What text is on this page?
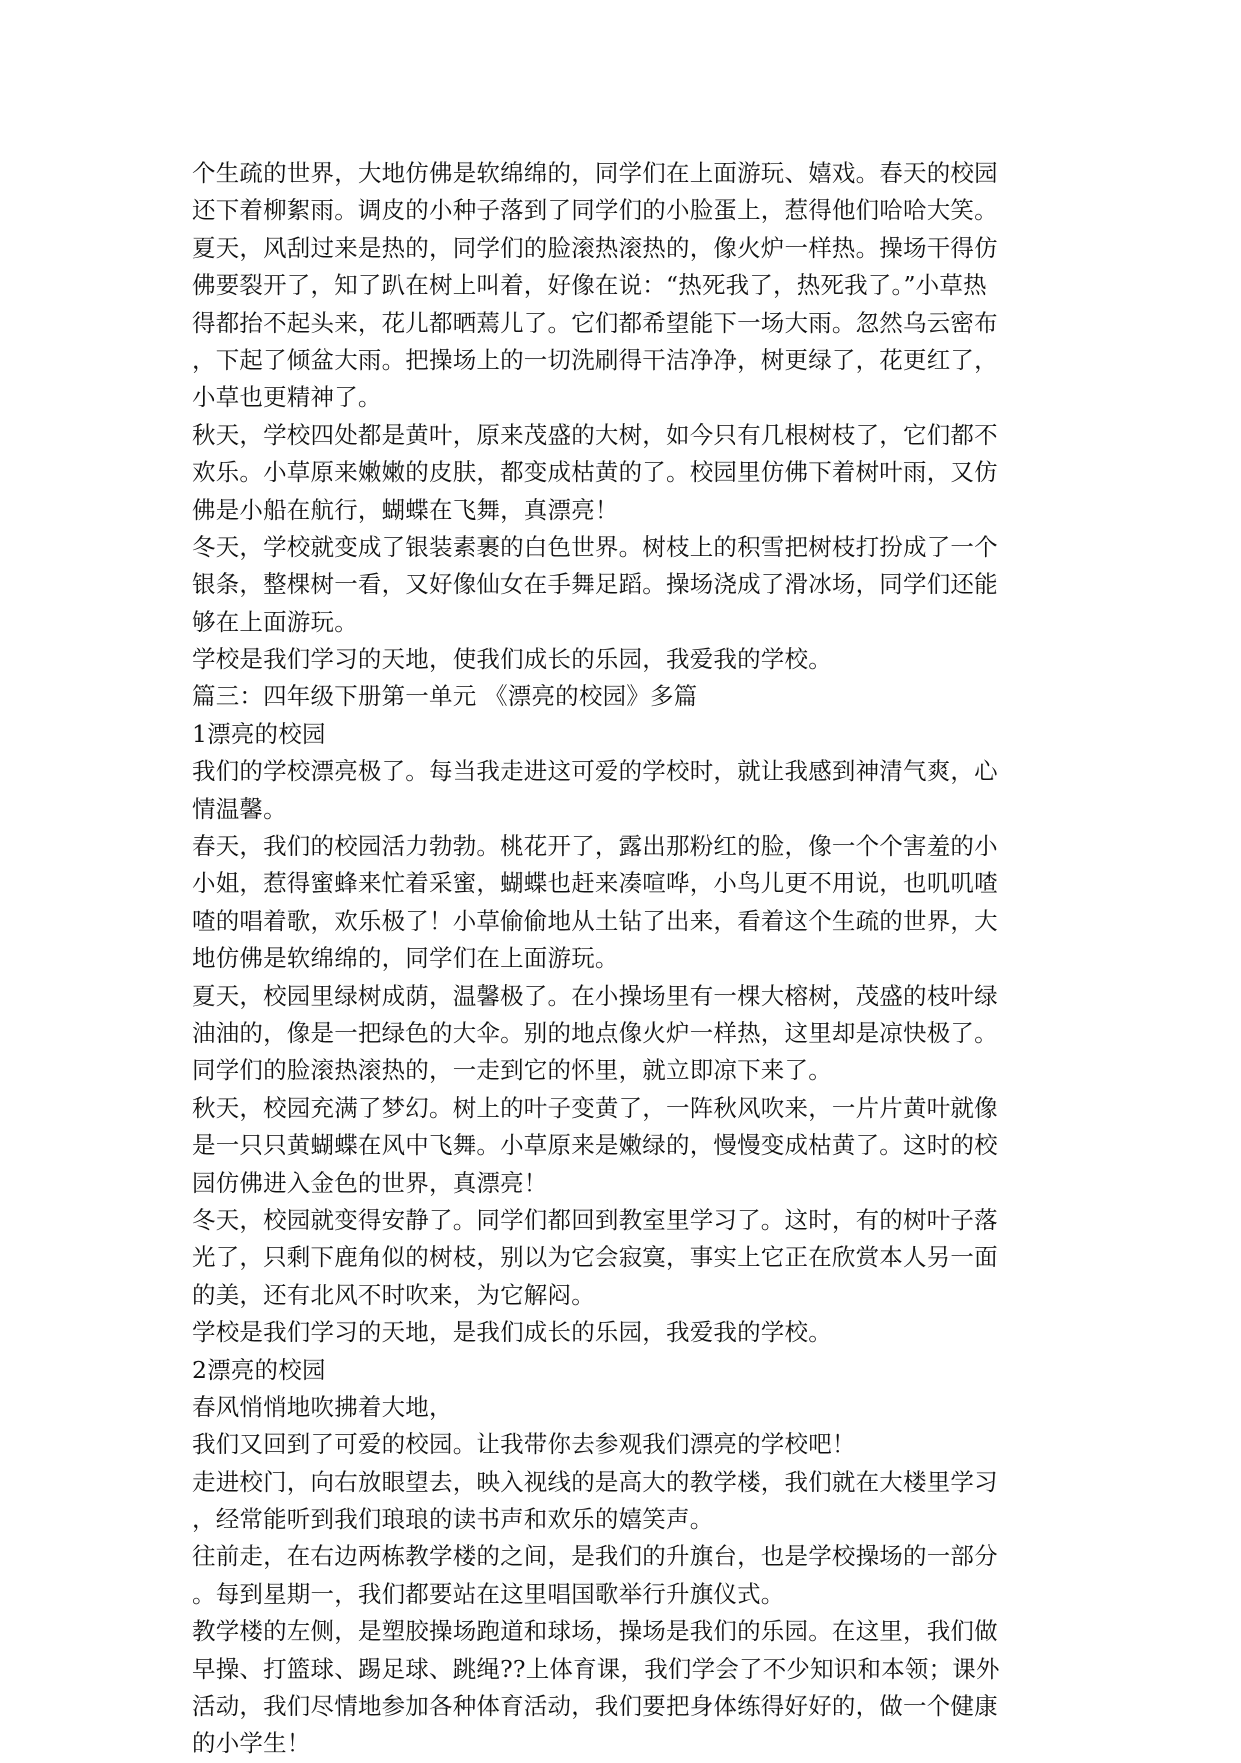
个生疏的世界，大地仿佛是软绵绵的，同学们在上面游玩、嬉戏。春天的校园
还下着柳絮雨。调皮的小种子落到了同学们的小脸蛋上，惹得他们哈哈大笑。
夏天，风刮过来是热的，同学们的脸滚热滚热的，像火炉一样热。操场干得仿
佛要裂开了，知了趴在树上叫着，好像在说：“热死我了，热死我了。”小草热
得都抬不起头来，花儿都晒蔫儿了。它们都希望能下一场大雨。忽然乌云密布
，下起了倾盆大雨。把操场上的一切洗刷得干洁净净，树更绿了，花更红了，
小草也更精神了。
秋天，学校四处都是黄叶，原来茂盛的大树，如今只有几根树枝了，它们都不
欢乐。小草原来嫩嫩的皮肤，都变成枯黄的了。校园里仿佛下着树叶雨，又仿
佛是小船在航行，蝴蝶在飞舞，真漂亮！
冬天，学校就变成了银装素裹的白色世界。树枝上的积雪把树枝打扮成了一个
银条，整棵树一看，又好像仙女在手舞足蹈。操场浇成了滑冰场，同学们还能
够在上面游玩。
学校是我们学习的天地，使我们成长的乐园，我爱我的学校。
篇三：四年级下册第一单元 《漂亮的校园》多篇
1漂亮的校园
我们的学校漂亮极了。每当我走进这可爱的学校时，就让我感到神清气爽，心
情温馨。
春天，我们的校园活力勃勃。桃花开了，露出那粉红的脸，像一个个害羞的小
小姐，惹得蜜蜂来忙着采蜜，蝴蝶也赶来凑喧哗，小鸟儿更不用说，也叽叽喳
喳的唱着歌，欢乐极了！小草偷偷地从土钻了出来，看着这个生疏的世界，大
地仿佛是软绵绵的，同学们在上面游玩。
夏天，校园里绿树成荫，温馨极了。在小操场里有一棵大榕树，茂盛的枝叶绿
油油的，像是一把绿色的大伞。别的地点像火炉一样热，这里却是凉快极了。
同学们的脸滚热滚热的，一走到它的怀里，就立即凉下来了。
秋天，校园充满了梦幻。树上的叶子变黄了，一阵秋风吹来，一片片黄叶就像
是一只只黄蝴蝶在风中飞舞。小草原来是嫩绿的，慢慢变成枯黄了。这时的校
园仿佛进入金色的世界，真漂亮！
冬天，校园就变得安静了。同学们都回到教室里学习了。这时，有的树叶子落
光了，只剩下鹿角似的树枝，别以为它会寂寞，事实上它正在欣赏本人另一面
的美，还有北风不时吹来，为它解闷。
学校是我们学习的天地，是我们成长的乐园，我爱我的学校。
2漂亮的校园
春风悄悄地吹拂着大地，
我们又回到了可爱的校园。让我带你去参观我们漂亮的学校吧！
走进校门，向右放眼望去，映入视线的是高大的教学楼，我们就在大楼里学习
，经常能听到我们琅琅的读书声和欢乐的嬉笑声。
往前走，在右边两栋教学楼的之间，是我们的升旗台，也是学校操场的一部分
。每到星期一，我们都要站在这里唱国歌举行升旗仪式。
教学楼的左侧，是塑胶操场跑道和球场，操场是我们的乐园。在这里，我们做
早操、打篮球、踢足球、跳绳??上体育课，我们学会了不少知识和本领；课外
活动，我们尽情地参加各种体育活动，我们要把身体练得好好的，做一个健康
的小学生！
